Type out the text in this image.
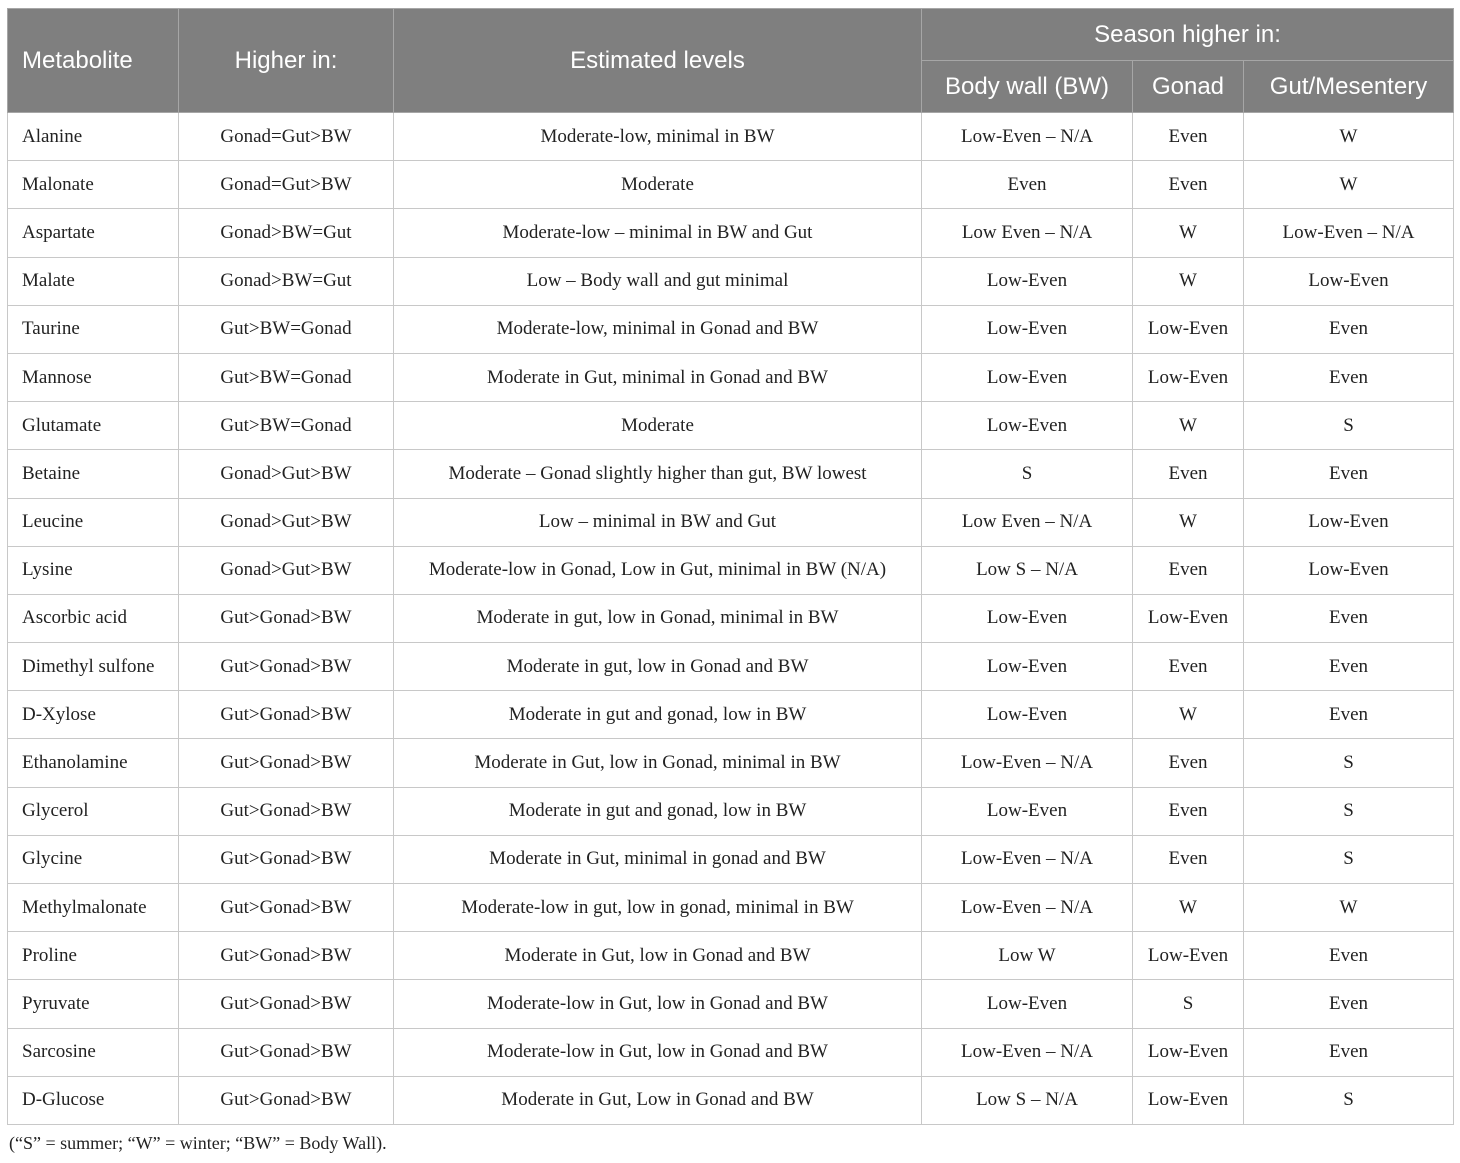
Metabolite	Higher in:	Estimated levels	Season higher in:		
			Body wall (BW)	Gonad	Gut/Mesentery
Alanine	Gonad=Gut>BW	Moderate-low, minimal in BW	Low-Even – N/A	Even	W
Malonate	Gonad=Gut>BW	Moderate	Even	Even	W
Aspartate	Gonad>BW=Gut	Moderate-low – minimal in BW and Gut	Low Even – N/A	W	Low-Even – N/A
Malate	Gonad>BW=Gut	Low – Body wall and gut minimal	Low-Even	W	Low-Even
Taurine	Gut>BW=Gonad	Moderate-low, minimal in Gonad and BW	Low-Even	Low-Even	Even
Mannose	Gut>BW=Gonad	Moderate in Gut, minimal in Gonad and BW	Low-Even	Low-Even	Even
Glutamate	Gut>BW=Gonad	Moderate	Low-Even	W	S
Betaine	Gonad>Gut>BW	Moderate – Gonad slightly higher than gut, BW lowest	S	Even	Even
Leucine	Gonad>Gut>BW	Low – minimal in BW and Gut	Low Even – N/A	W	Low-Even
Lysine	Gonad>Gut>BW	Moderate-low in Gonad, Low in Gut, minimal in BW (N/A)	Low S – N/A	Even	Low-Even
Ascorbic acid	Gut>Gonad>BW	Moderate in gut, low in Gonad, minimal in BW	Low-Even	Low-Even	Even
Dimethyl sulfone	Gut>Gonad>BW	Moderate in gut, low in Gonad and BW	Low-Even	Even	Even
D-Xylose	Gut>Gonad>BW	Moderate in gut and gonad, low in BW	Low-Even	W	Even
Ethanolamine	Gut>Gonad>BW	Moderate in Gut, low in Gonad, minimal in BW	Low-Even – N/A	Even	S
Glycerol	Gut>Gonad>BW	Moderate in gut and gonad, low in BW	Low-Even	Even	S
Glycine	Gut>Gonad>BW	Moderate in Gut, minimal in gonad and BW	Low-Even – N/A	Even	S
Methylmalonate	Gut>Gonad>BW	Moderate-low in gut, low in gonad, minimal in BW	Low-Even – N/A	W	W
Proline	Gut>Gonad>BW	Moderate in Gut, low in Gonad and BW	Low W	Low-Even	Even
Pyruvate	Gut>Gonad>BW	Moderate-low in Gut, low in Gonad and BW	Low-Even	S	Even
Sarcosine	Gut>Gonad>BW	Moderate-low in Gut, low in Gonad and BW	Low-Even – N/A	Low-Even	Even
D-Glucose	Gut>Gonad>BW	Moderate in Gut, Low in Gonad and BW	Low S – N/A	Low-Even	S
(“S” = summer; “W” = winter; “BW” = Body Wall).
